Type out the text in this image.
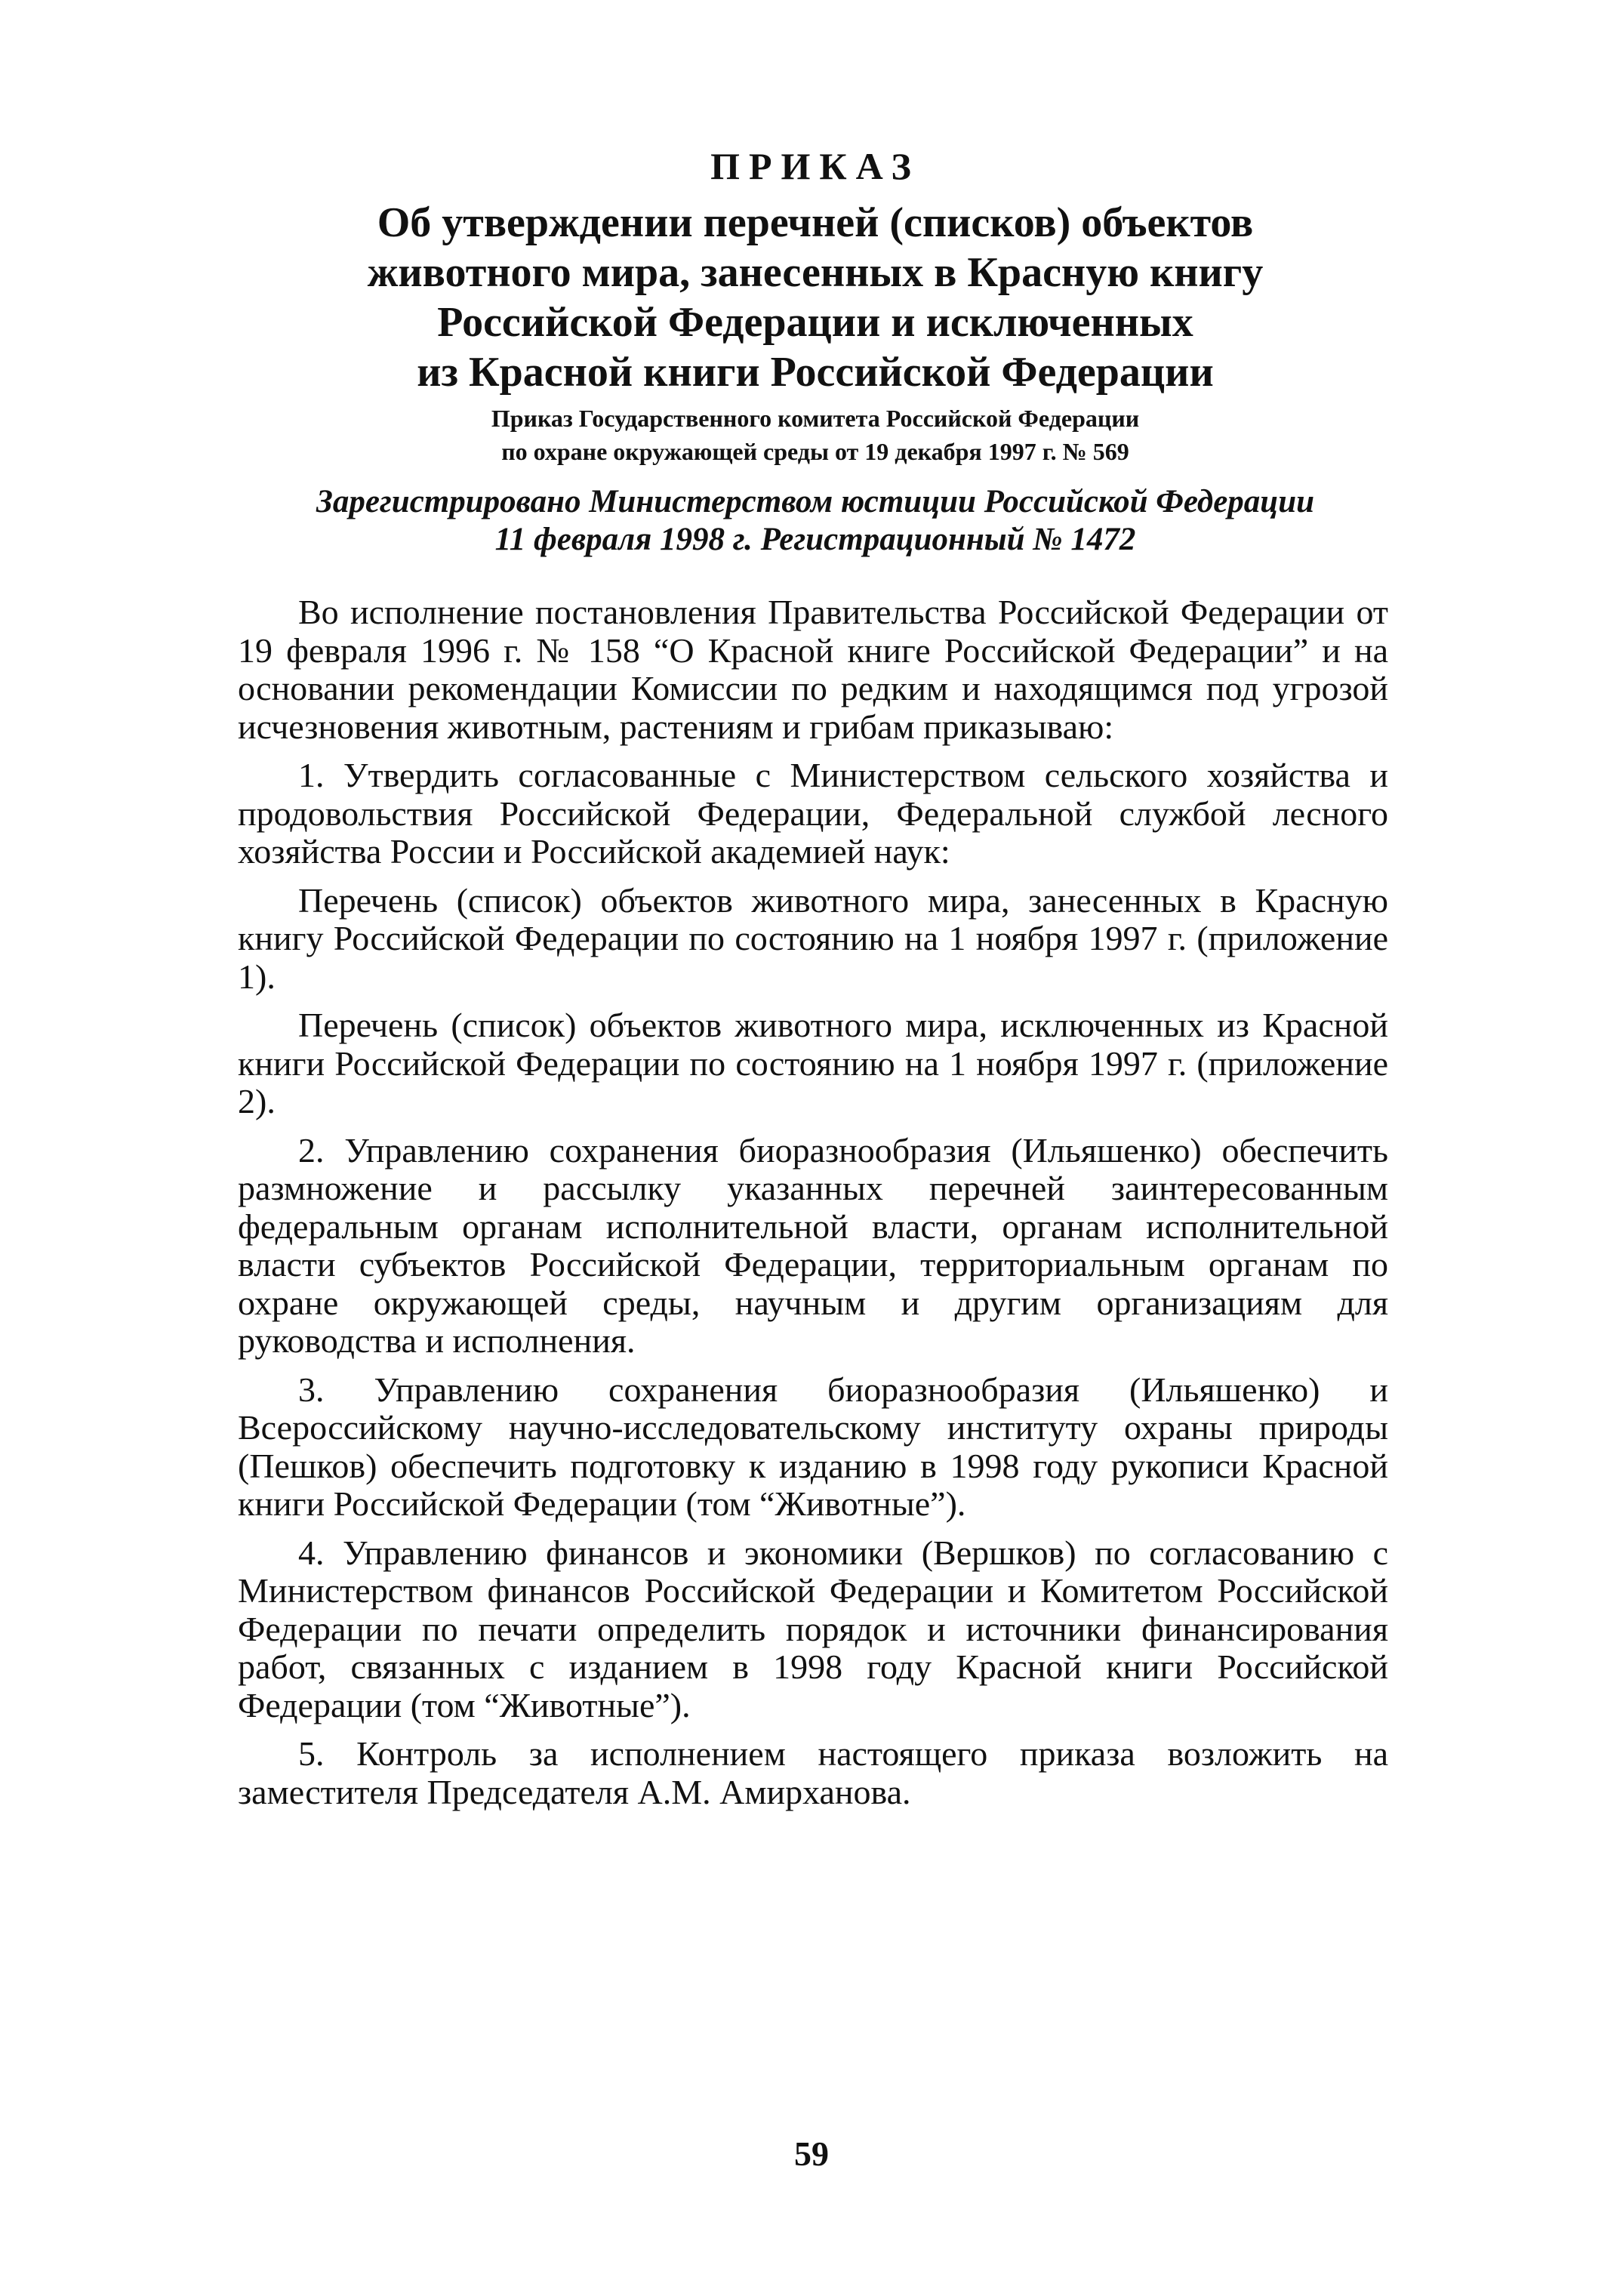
ПРИКАЗ
Об утверждении перечней (списков) объектов
животного мира, занесенных в Красную книгу
Российской Федерации и исключенных
из Красной книги Российской Федерации
Приказ Государственного комитета Российской Федерации
по охране окружающей среды от 19 декабря 1997 г. № 569
Зарегистрировано Министерством юстиции Российской Федерации
11 февраля 1998 г. Регистрационный № 1472

Во исполнение постановления Правительства Российской Федерации от 19 февраля 1996 г. № 158 “О Красной книге Российской Федерации” и на основании рекомендации Комиссии по редким и находящимся под угрозой исчезновения животным, растениям и грибам приказываю:

1. Утвердить согласованные с Министерством сельского хозяйства и продовольствия Российской Федерации, Федеральной службой лесного хозяйства России и Российской академией наук:

Перечень (список) объектов животного мира, занесенных в Красную книгу Российской Федерации по состоянию на 1 ноября 1997 г. (приложение 1).

Перечень (список) объектов животного мира, исключенных из Красной книги Российской Федерации по состоянию на 1 ноября 1997 г. (приложение 2).

2. Управлению сохранения биоразнообразия (Ильяшенко) обеспечить размножение и рассылку указанных перечней заинтересованным федеральным органам исполнительной власти, органам исполнительной власти субъектов Российской Федерации, территориальным органам по охране окружающей среды, научным и другим организациям для руководства и исполнения.

3. Управлению сохранения биоразнообразия (Ильяшенко) и Всероссийскому научно-исследовательскому институту охраны природы (Пешков) обеспечить подготовку к изданию в 1998 году рукописи Красной книги Российской Федерации (том “Животные”).

4. Управлению финансов и экономики (Вершков) по согласованию с Министерством финансов Российской Федерации и Комитетом Российской Федерации по печати определить порядок и источники финансирования работ, связанных с изданием в 1998 году Красной книги Российской Федерации (том “Животные”).

5. Контроль за исполнением настоящего приказа возложить на заместителя Председателя А.М. Амирханова.

59
